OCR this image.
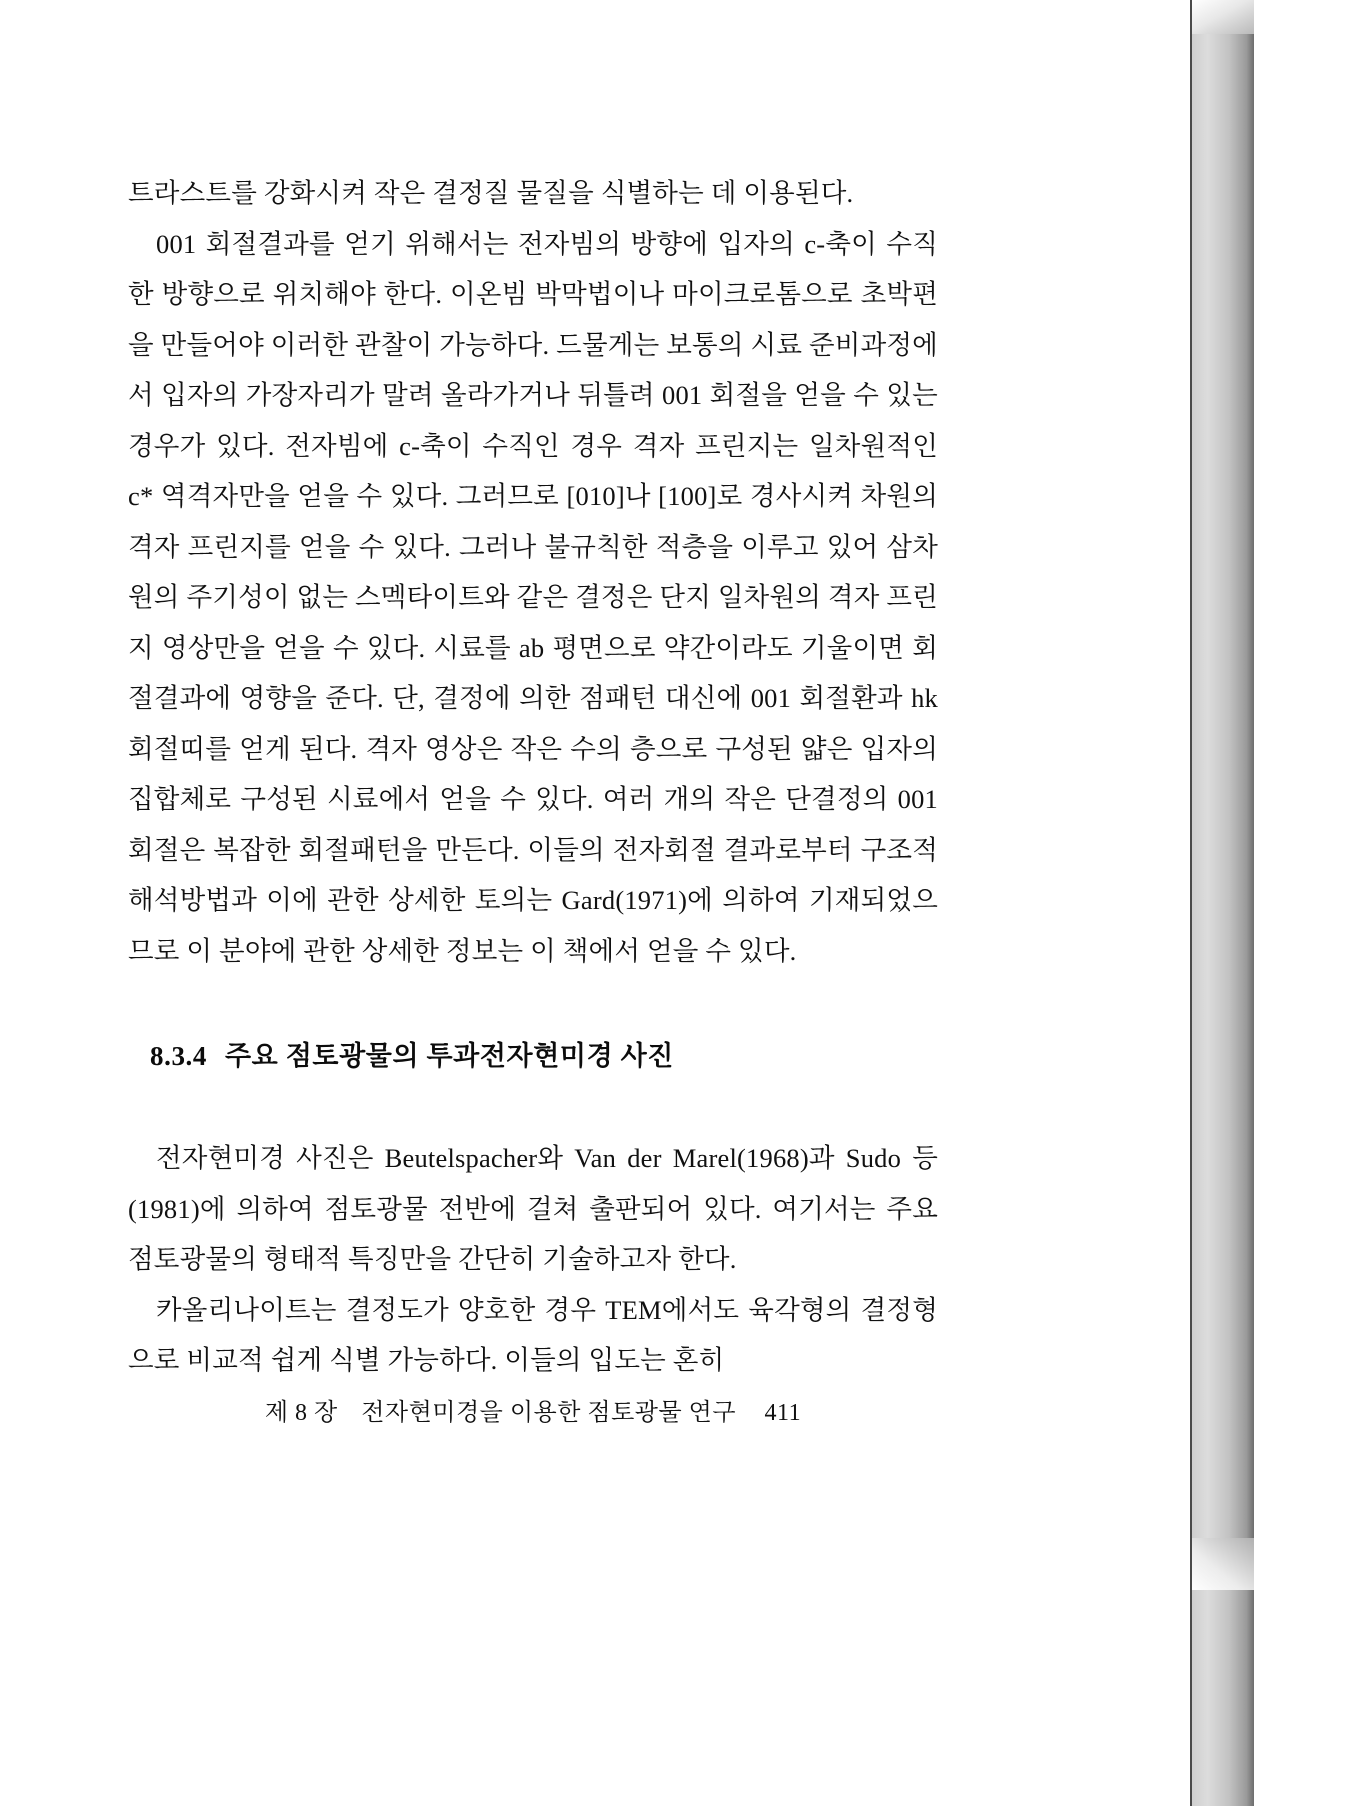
트라스트를 강화시켜 작은 결정질 물질을 식별하는 데 이용된다.

001 회절결과를 얻기 위해서는 전자빔의 방향에 입자의 c-축이 수직한 방향으로 위치해야 한다. 이온빔 박막법이나 마이크로톰으로 초박편을 만들어야 이러한 관찰이 가능하다. 드물게는 보통의 시료 준비과정에서 입자의 가장자리가 말려 올라가거나 뒤틀려 001 회절을 얻을 수 있는 경우가 있다. 전자빔에 c-축이 수직인 경우 격자 프린지는 일차원적인 c* 역격자만을 얻을 수 있다. 그러므로 [010]나 [100]로 경사시켜 차원의 격자 프린지를 얻을 수 있다. 그러나 불규칙한 적층을 이루고 있어 삼차원의 주기성이 없는 스멕타이트와 같은 결정은 단지 일차원의 격자 프린지 영상만을 얻을 수 있다. 시료를 ab 평면으로 약간이라도 기울이면 회절결과에 영향을 준다. 단, 결정에 의한 점패턴 대신에 001 회절환과 hk 회절띠를 얻게 된다. 격자 영상은 작은 수의 층으로 구성된 얇은 입자의 집합체로 구성된 시료에서 얻을 수 있다. 여러 개의 작은 단결정의 001 회절은 복잡한 회절패턴을 만든다. 이들의 전자회절 결과로부터 구조적 해석방법과 이에 관한 상세한 토의는 Gard(1971)에 의하여 기재되었으므로 이 분야에 관한 상세한 정보는 이 책에서 얻을 수 있다.

8.3.4 주요 점토광물의 투과전자현미경 사진

전자현미경 사진은 Beutelspacher와 Van der Marel(1968)과 Sudo 등(1981)에 의하여 점토광물 전반에 걸쳐 출판되어 있다. 여기서는 주요 점토광물의 형태적 특징만을 간단히 기술하고자 한다.

카올리나이트는 결정도가 양호한 경우 TEM에서도 육각형의 결정형으로 비교적 쉽게 식별 가능하다. 이들의 입도는 혼히

제 8 장 전자현미경을 이용한 점토광물 연구 411
